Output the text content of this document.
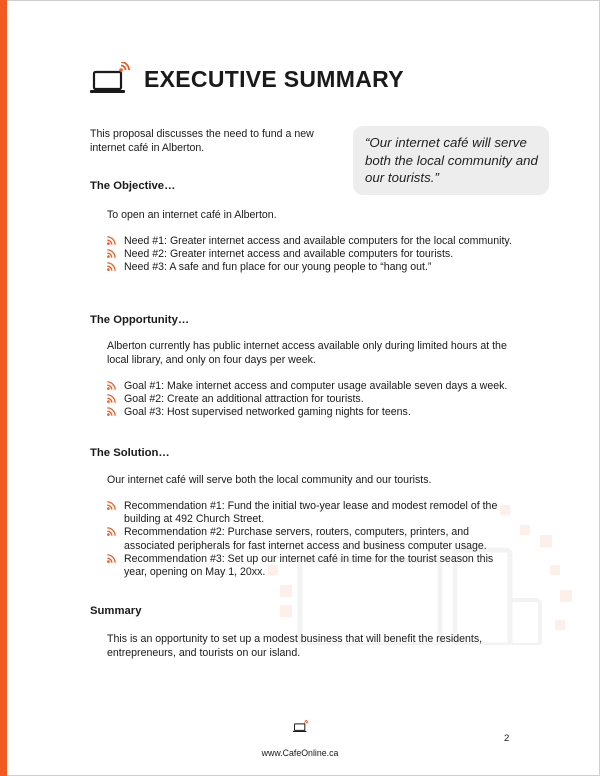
EXECUTIVE SUMMARY
This proposal discusses the need to fund a new internet café in Alberton.	“Our internet café will serve both the local community and our tourists.”
The Objective…
To open an internet café in Alberton.
Need #1: Greater internet access and available computers for the local community.
Need #2: Greater internet access and available computers for tourists.
Need #3: A safe and fun place for our young people to “hang out.”
The Opportunity…
Alberton currently has public internet access available only during limited hours at the local library, and only on four days per week.
Goal #1: Make internet access and computer usage available seven days a week.
Goal #2: Create an additional attraction for tourists.
Goal #3: Host supervised networked gaming nights for teens.
The Solution…
Our internet café will serve both the local community and our tourists.
Recommendation #1: Fund the initial two-year lease and modest remodel of the building at 492 Church Street.
Recommendation #2: Purchase servers, routers, computers, printers, and associated peripherals for fast internet access and business computer usage.
Recommendation #3: Set up our internet café in time for the tourist season this year, opening on May 1, 20xx.
Summary
This is an opportunity to set up a modest business that will benefit the residents, entrepreneurs, and tourists on our island.
www.CafeOnline.ca
2
